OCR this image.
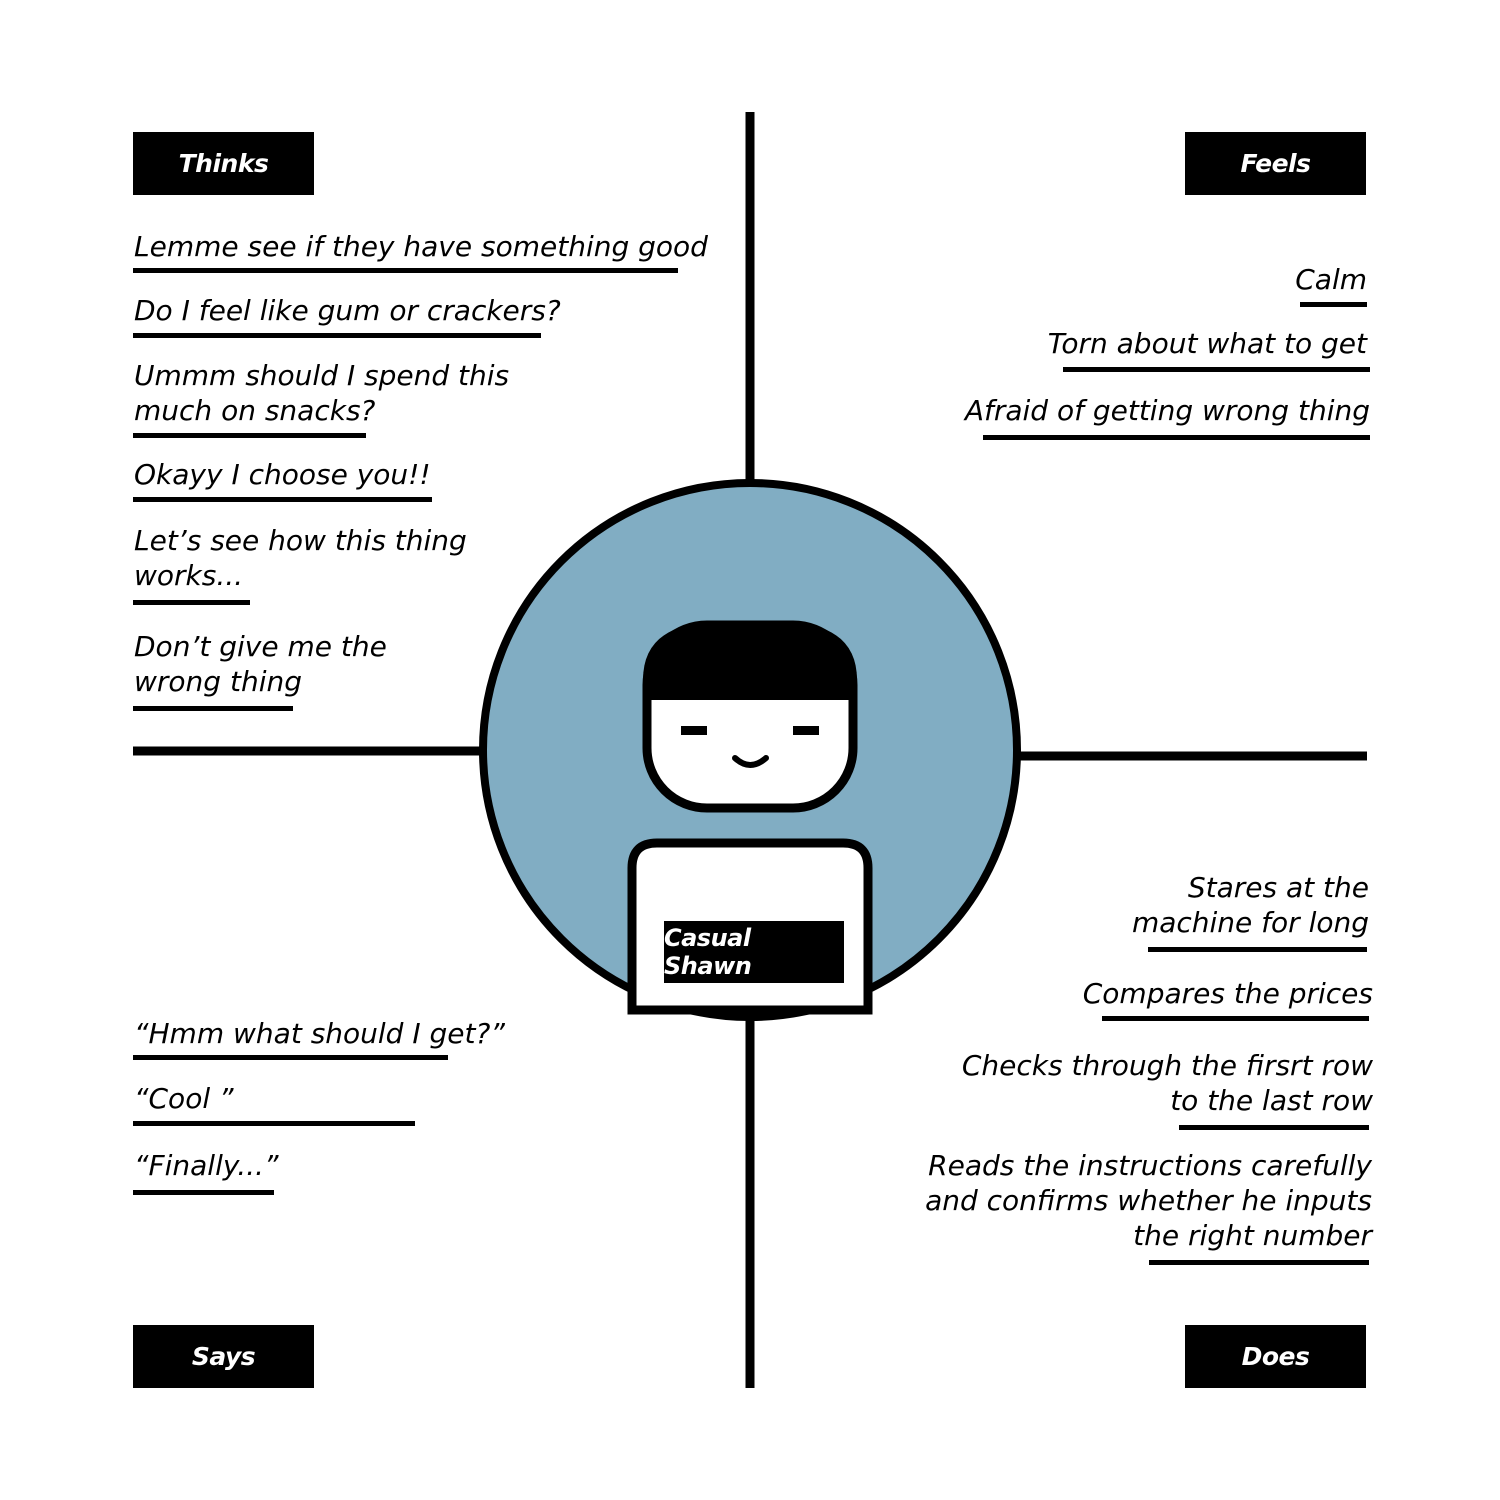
Thinks	Feels
Says	Does
Casual Shawn
Lemme see if they have something good
Do I feel like gum or crackers?
Ummm should I spend this
much on snacks?
Okayy I choose you!!
Let’s see how this thing
works...
Don’t give me the
wrong thing
Calm
Torn about what to get
Afraid of getting wrong thing
“Hmm what should I get?”
“Cool ”
“Finally...”
Stares at the
machine for long
Compares the prices
Checks through the firsrt row
to the last row
Reads the instructions carefully
and confirms whether he inputs
the right number
